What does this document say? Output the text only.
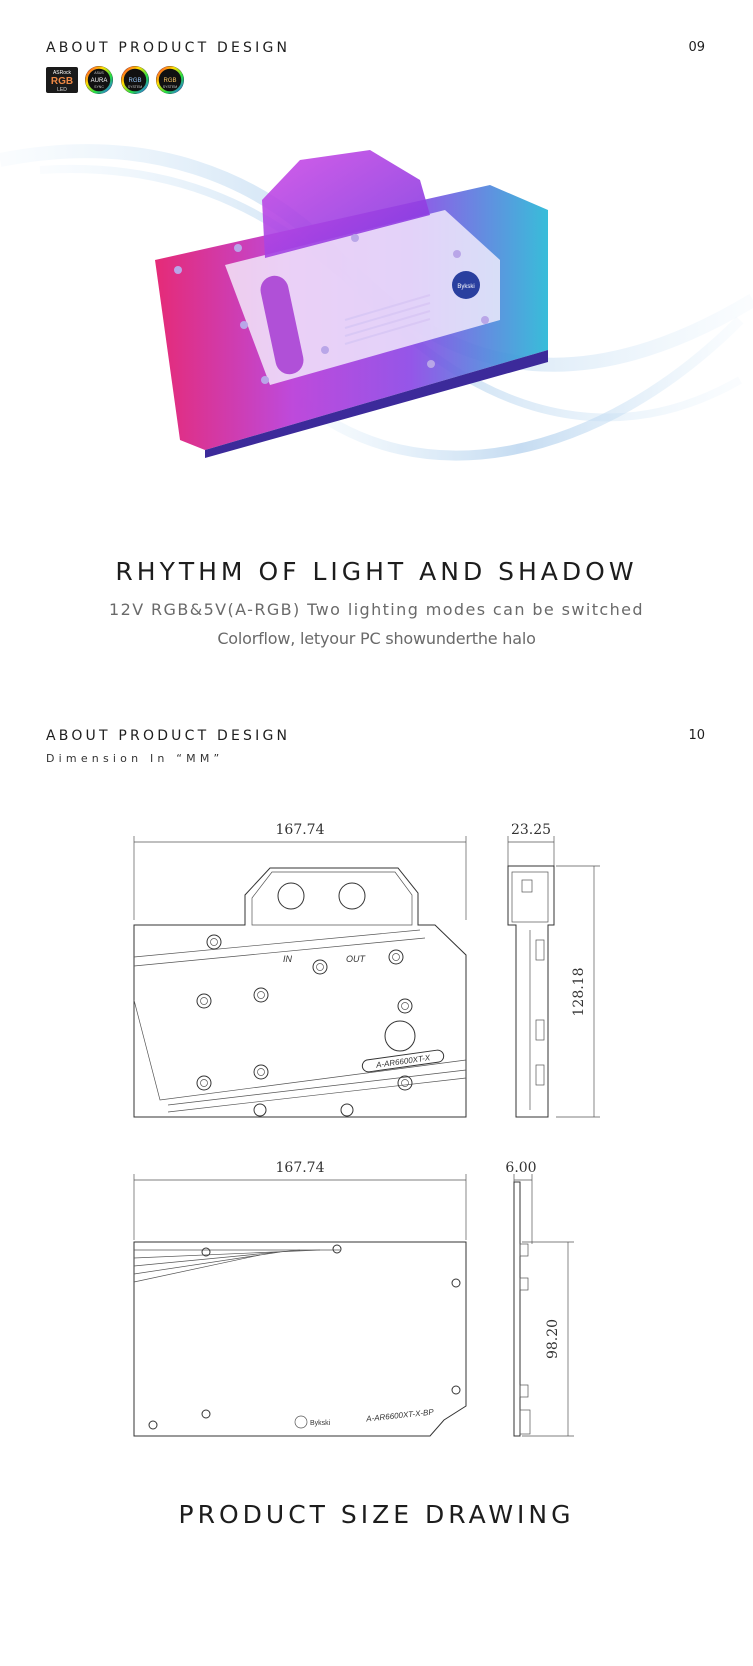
ABOUT PRODUCT DESIGN	09
ASRock
RGB
LED
ASUS
AURA
SYNC
RGB
SYSTEM
RGB
SYSTEM
Bykski
RHYTHM OF LIGHT AND SHADOW
12V RGB&5V(A-RGB) Two lighting modes can be switched
Colorflow, letyour PC showunderthe halo
ABOUT PRODUCT DESIGN	10
Dimension In “MM”
167.74
IN	OUT
A-AR6600XT-X
23.25
128.18
167.74
Bykski	A-AR6600XT-X-BP
6.00
98.20
PRODUCT SIZE DRAWING
